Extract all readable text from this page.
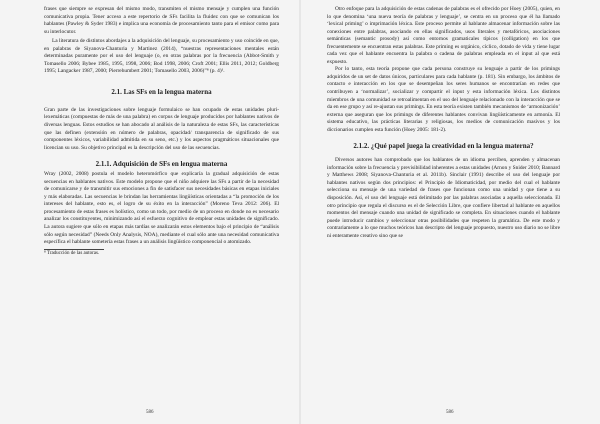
frases que siempre se expresan del mismo modo, transmiten el mismo mensaje y cumplen una función comunicativa propia. Tener acceso a este repertorio de SFs facilita la fluidez con que se comunican los hablantes (Pawley & Syder 1983) e implica una economía de procesamiento tanto para el emisor como para su interlocutor.

La literatura de distintos abordajes a la adquisición del lenguaje, su procesamiento y uso coincide en que, en palabras de Siyanova-Chanturia y Martinez (2014), “nuestras representaciones mentales están determinadas puramente por el uso del lenguaje (o, en otras palabras por la frecuencia (Abbot-Smith y Tomasello 2006; Bybee 1985, 1995, 1998, 2006; Bod 1998, 2006; Croft 2001; Ellis 2011, 2012; Goldberg 1995; Langacker 1987, 2000; Pierrehumbert 2001; Tomasello 2003, 2006)”⁸ (p. 4)¹.

2.1. Las SFs en la lengua materna

Gran parte de las investigaciones sobre lenguaje formulaico se han ocupado de estas unidades pluri-lexemáticas (compuestas de más de una palabra) en corpus de lenguaje producidos por hablantes nativos de diversas lenguas. Estos estudios se han abocado al análisis de la naturaleza de estas SFs, las características que las definen (extensión en número de palabras, opacidad/ transparencia de significado de sus componentes léxicos, variabilidad admitida en su seno, etc.) y los aspectos pragmáticos situacionales que licencian su uso. Su objetivo principal es la descripción del uso de las secuencias.

2.1.1. Adquisición de SFs en lengua materna

Wray (2002, 2008) postula el modelo heteromórfico que explicaría la gradual adquisición de estas secuencias en hablantes nativos. Este modelo propone que el niño adquiere las SFs a partir de la necesidad de comunicarse y de transmitir sus emociones a fin de satisfacer sus necesidades básicas en etapas iniciales y más elaboradas. Las secuencias le brindan las herramientas lingüísticas orientadas a “la promoción de los intereses del hablante, esto es, el logro de su éxito en la interacción” (Moreno Teva 2012: 206). El procesamiento de estas frases es holístico, como un todo, por medio de un proceso en donde no es necesario analizar los constituyentes, minimizando así el esfuerzo cognitivo de emplear estas unidades de significado. La autora sugiere que sólo en etapas más tardías se analizarán estos elementos bajo el principio de “análisis sólo según necesidad” (Needs Only Analysis, NOA), mediante el cual sólo ante una necesidad comunicativa específica el hablante sometería estas frases a un análisis lingüístico componencial o atomizado.

⁸ Traducción de las autoras.

586

Otro enfoque para la adquisición de estas cadenas de palabras es el ofrecido por Hoey (2005), quien, en lo que denomina ‘una nueva teoría de palabras y lenguaje’, se centra en un proceso que él ha llamado ‘lexical priming’ o imprimación léxica. Este proceso permite al hablante almacenar información sobre las conexiones entre palabras, asociando en ellas significados, usos literales y metafóricos, asociaciones semánticas (semantic prosody) así como entornos gramaticales típicos (colligation) en los que frecuentemente se encuentran estas palabras. Este priming es orgánico, cíclico, dotado de vida y tiene lugar cada vez que el hablante encuentra la palabra o cadena de palabras empleada en el input al que está expuesto.

Por lo tanto, esta teoría propone que cada persona construye su lenguaje a partir de los primings adquiridos de un set de datos únicos, particulares para cada hablante (p. 181). Sin embargo, los ámbitos de contacto e interacción en los que se desempeñan los seres humanos se encontrarían en redes que contribuyen a ‘normalizar’, socializar y compartir el input y esta información léxica. Los distintos miembros de una comunidad se retroalimentan en el uso del lenguaje relacionado con la interacción que se da en ese grupo y así re-ajustan sus primings. En esta teoría existen también mecanismos de ‘armonización’ externa que aseguran que los primings de diferentes hablantes convivan lingüísticamente en armonía. El sistema educativo, las prácticas literarias y religiosas, los medios de comunicación masivos y los diccionarios cumplen esta función (Hoey 2005: 181-2).

2.1.2. ¿Qué papel juega la creatividad en la lengua materna?

Diversos autores han comprobado que los hablantes de un idioma perciben, aprenden y almacenan información sobre la frecuencia y previsibilidad inherentes a estas unidades (Arnon y Snider 2010; Bannard y Matthews 2008; Siyanova-Chanturia et al. 2011b). Sinclair (1991) describe el uso del lenguaje por hablantes nativos según dos principios: el Principio de Idiomaticidad, por medio del cual el hablante selecciona su mensaje de una variedad de frases que funcionan como una unidad y que tiene a su disposición. Así, el uso del lenguaje está delimitado por las palabras asociadas a aquella seleccionada. El otro principio que regula el discurso es el de Selección Libre, que confiere libertad al hablante en aquellos momentos del mensaje cuando una unidad de significado se completa. En situaciones cuando el hablante puede introducir cambios y seleccionar otras posibilidades que respeten la gramática. De este modo y contrariamente a lo que muchos teóricos han descripto del lenguaje propuesto, nuestro uso diario no se libre ni enteramente creativo sino que se

586
